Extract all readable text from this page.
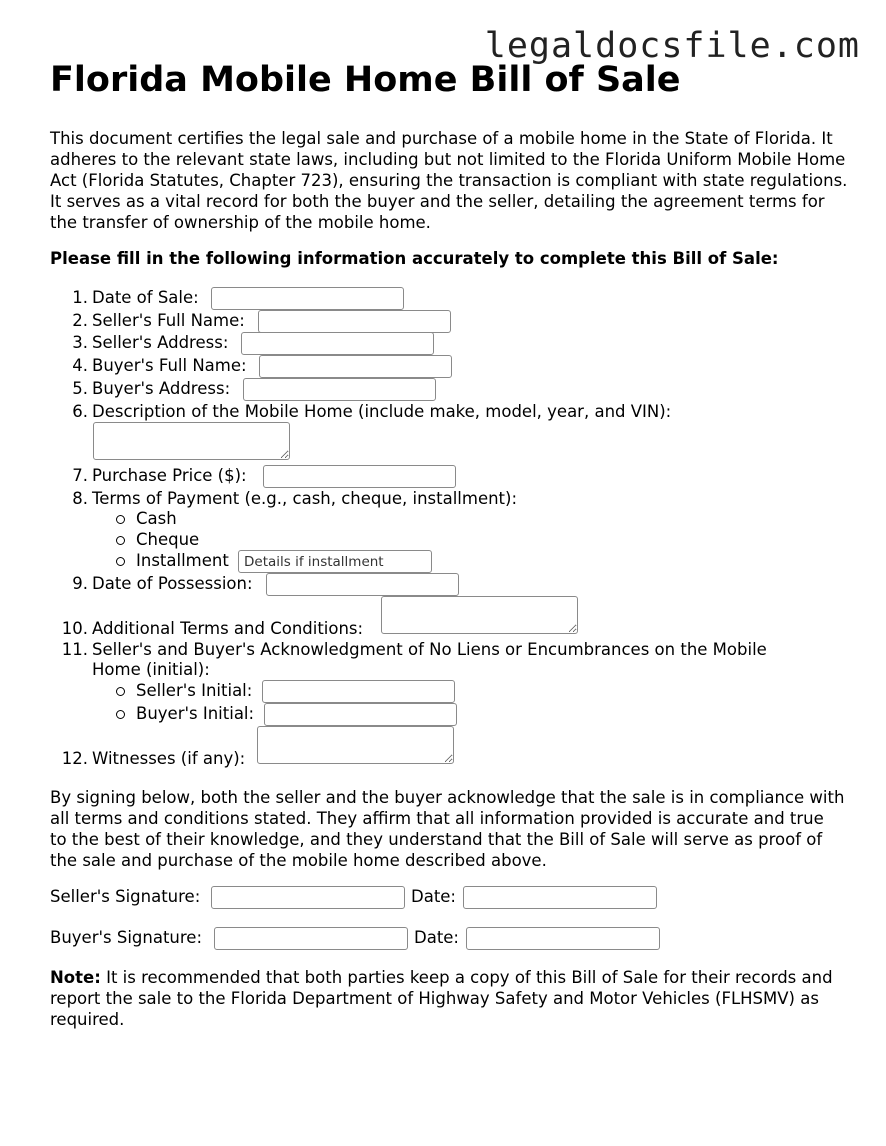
legaldocsfile.com
Florida Mobile Home Bill of Sale

This document certifies the legal sale and purchase of a mobile home in the State of Florida. It adheres to the relevant state laws, including but not limited to the Florida Uniform Mobile Home Act (Florida Statutes, Chapter 723), ensuring the transaction is compliant with state regulations. It serves as a vital record for both the buyer and the seller, detailing the agreement terms for the transfer of ownership of the mobile home.

Please fill in the following information accurately to complete this Bill of Sale:

1. Date of Sale:
2. Seller's Full Name:
3. Seller's Address:
4. Buyer's Full Name:
5. Buyer's Address:
6. Description of the Mobile Home (include make, model, year, and VIN):
7. Purchase Price ($):
8. Terms of Payment (e.g., cash, cheque, installment):
Cash
Cheque
Installment
Details if installment
9. Date of Possession:
10. Additional Terms and Conditions:
11. Seller's and Buyer's Acknowledgment of No Liens or Encumbrances on the Mobile
Home (initial):
Seller's Initial:
Buyer's Initial:
12. Witnesses (if any):

By signing below, both the seller and the buyer acknowledge that the sale is in compliance with all terms and conditions stated. They affirm that all information provided is accurate and true to the best of their knowledge, and they understand that the Bill of Sale will serve as proof of the sale and purchase of the mobile home described above.

Seller's Signature:	Date:
Buyer's Signature:	Date:

Note: It is recommended that both parties keep a copy of this Bill of Sale for their records and report the sale to the Florida Department of Highway Safety and Motor Vehicles (FLHSMV) as required.
